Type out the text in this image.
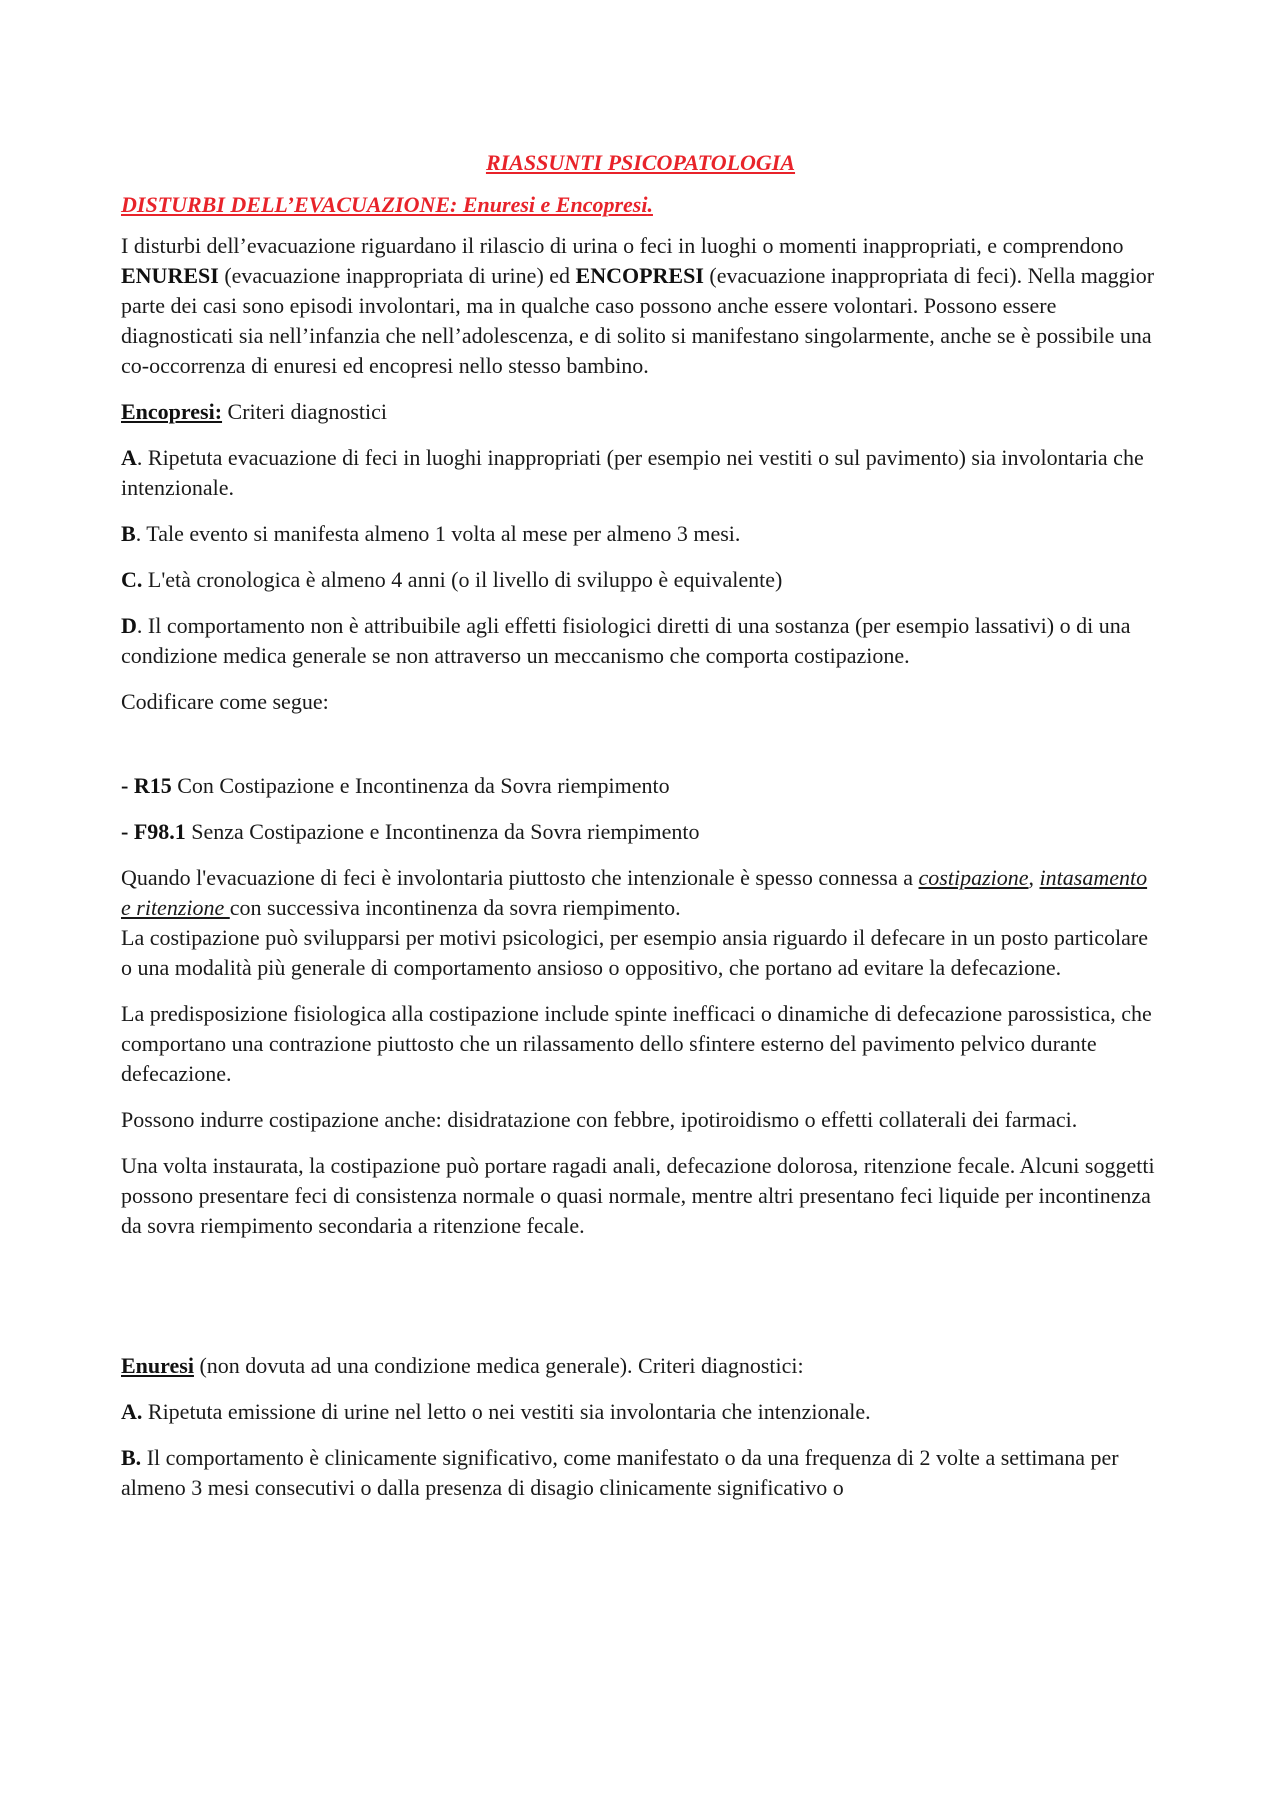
RIASSUNTI PSICOPATOLOGIA

DISTURBI DELL’EVACUAZIONE: Enuresi e Encopresi.

I disturbi dell’evacuazione riguardano il rilascio di urina o feci in luoghi o momenti inappropriati, e comprendono ENURESI (evacuazione inappropriata di urine) ed ENCOPRESI (evacuazione inappropriata di feci). Nella maggior parte dei casi sono episodi involontari, ma in qualche caso possono anche essere volontari. Possono essere diagnosticati sia nell’infanzia che nell’adolescenza, e di solito si manifestano singolarmente, anche se è possibile una co-occorrenza di enuresi ed encopresi nello stesso bambino.

Encopresi: Criteri diagnostici

A. Ripetuta evacuazione di feci in luoghi inappropriati (per esempio nei vestiti o sul pavimento) sia involontaria che intenzionale.

B. Tale evento si manifesta almeno 1 volta al mese per almeno 3 mesi.

C. L'età cronologica è almeno 4 anni (o il livello di sviluppo è equivalente)

D. Il comportamento non è attribuibile agli effetti fisiologici diretti di una sostanza (per esempio lassativi) o di una condizione medica generale se non attraverso un meccanismo che comporta costipazione.

Codificare come segue:

- R15 Con Costipazione e Incontinenza da Sovra riempimento

- F98.1 Senza Costipazione e Incontinenza da Sovra riempimento

Quando l'evacuazione di feci è involontaria piuttosto che intenzionale è spesso connessa a costipazione, intasamento e ritenzione con successiva incontinenza da sovra riempimento.
La costipazione può svilupparsi per motivi psicologici, per esempio ansia riguardo il defecare in un posto particolare o una modalità più generale di comportamento ansioso o oppositivo, che portano ad evitare la defecazione.

La predisposizione fisiologica alla costipazione include spinte inefficaci o dinamiche di defecazione parossistica, che comportano una contrazione piuttosto che un rilassamento dello sfintere esterno del pavimento pelvico durante defecazione.

Possono indurre costipazione anche: disidratazione con febbre, ipotiroidismo o effetti collaterali dei farmaci.

Una volta instaurata, la costipazione può portare ragadi anali, defecazione dolorosa, ritenzione fecale. Alcuni soggetti possono presentare feci di consistenza normale o quasi normale, mentre altri presentano feci liquide per incontinenza da sovra riempimento secondaria a ritenzione fecale.

Enuresi (non dovuta ad una condizione medica generale). Criteri diagnostici:

A. Ripetuta emissione di urine nel letto o nei vestiti sia involontaria che intenzionale.

B. Il comportamento è clinicamente significativo, come manifestato o da una frequenza di 2 volte a settimana per almeno 3 mesi consecutivi o dalla presenza di disagio clinicamente significativo o
